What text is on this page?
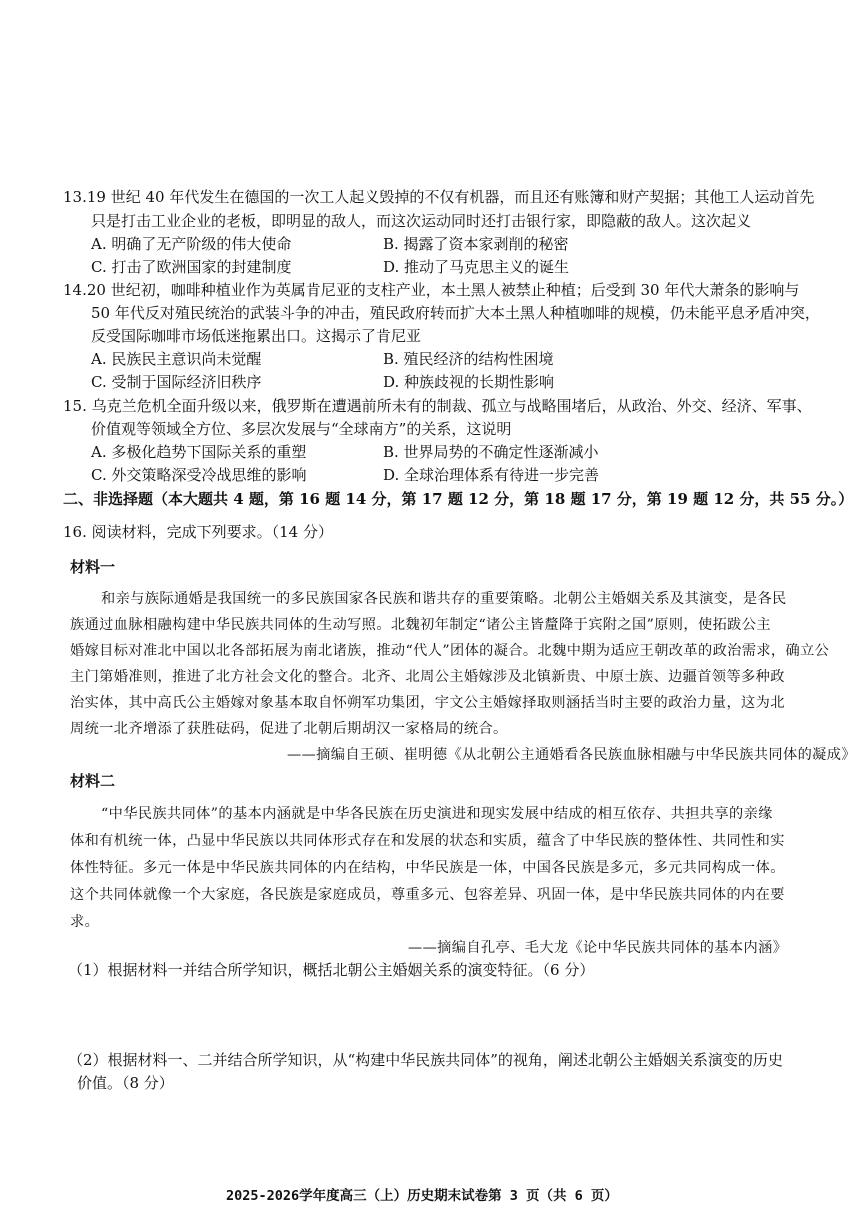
13.19 世纪 40 年代发生在德国的一次工人起义毁掉的不仅有机器，而且还有账簿和财产契据；其他工人运动首先
只是打击工业企业的老板，即明显的敌人，而这次运动同时还打击银行家，即隐蔽的敌人。这次起义
A. 明确了无产阶级的伟大使命	B. 揭露了资本家剥削的秘密
C. 打击了欧洲国家的封建制度	D. 推动了马克思主义的诞生
14.20 世纪初，咖啡种植业作为英属肯尼亚的支柱产业，本土黑人被禁止种植；后受到 30 年代大萧条的影响与
50 年代反对殖民统治的武装斗争的冲击，殖民政府转而扩大本土黑人种植咖啡的规模，仍未能平息矛盾冲突，
反受国际咖啡市场低迷拖累出口。这揭示了肯尼亚
A. 民族民主意识尚未觉醒	B. 殖民经济的结构性困境
C. 受制于国际经济旧秩序	D. 种族歧视的长期性影响
15. 乌克兰危机全面升级以来，俄罗斯在遭遇前所未有的制裁、孤立与战略围堵后，从政治、外交、经济、军事、
价值观等领域全方位、多层次发展与“全球南方”的关系，这说明
A. 多极化趋势下国际关系的重塑	B. 世界局势的不确定性逐渐减小
C. 外交策略深受冷战思维的影响	D. 全球治理体系有待进一步完善
二、非选择题（本大题共 4 题，第 16 题 14 分，第 17 题 12 分，第 18 题 17 分，第 19 题 12 分，共 55 分。）
16. 阅读材料，完成下列要求。（14 分）
材料一
和亲与族际通婚是我国统一的多民族国家各民族和谐共存的重要策略。北朝公主婚姻关系及其演变，是各民
族通过血脉相融构建中华民族共同体的生动写照。北魏初年制定“诸公主皆釐降于宾附之国”原则，使拓跋公主
婚嫁目标对准北中国以北各部拓展为南北诸族，推动“代人”团体的凝合。北魏中期为适应王朝改革的政治需求，确立公
主门第婚准则，推进了北方社会文化的整合。北齐、北周公主婚嫁涉及北镇新贵、中原士族、边疆首领等多种政
治实体，其中高氏公主婚嫁对象基本取自怀朔军功集团，宇文公主婚嫁择取则涵括当时主要的政治力量，这为北
周统一北齐增添了获胜砝码，促进了北朝后期胡汉一家格局的统合。
——摘编自王硕、崔明德《从北朝公主通婚看各民族血脉相融与中华民族共同体的凝成》
材料二
“中华民族共同体”的基本内涵就是中华各民族在历史演进和现实发展中结成的相互依存、共担共享的亲缘
体和有机统一体，凸显中华民族以共同体形式存在和发展的状态和实质，蕴含了中华民族的整体性、共同性和实
体性特征。多元一体是中华民族共同体的内在结构，中华民族是一体，中国各民族是多元，多元共同构成一体。
这个共同体就像一个大家庭，各民族是家庭成员，尊重多元、包容差异、巩固一体，是中华民族共同体的内在要
求。
——摘编自孔亭、毛大龙《论中华民族共同体的基本内涵》
（1）根据材料一并结合所学知识，概括北朝公主婚姻关系的演变特征。（6 分）
（2）根据材料一、二并结合所学知识，从“构建中华民族共同体”的视角，阐述北朝公主婚姻关系演变的历史
价值。（8 分）
2025-2026学年度高三（上）历史期末试卷第 3 页（共 6 页）
